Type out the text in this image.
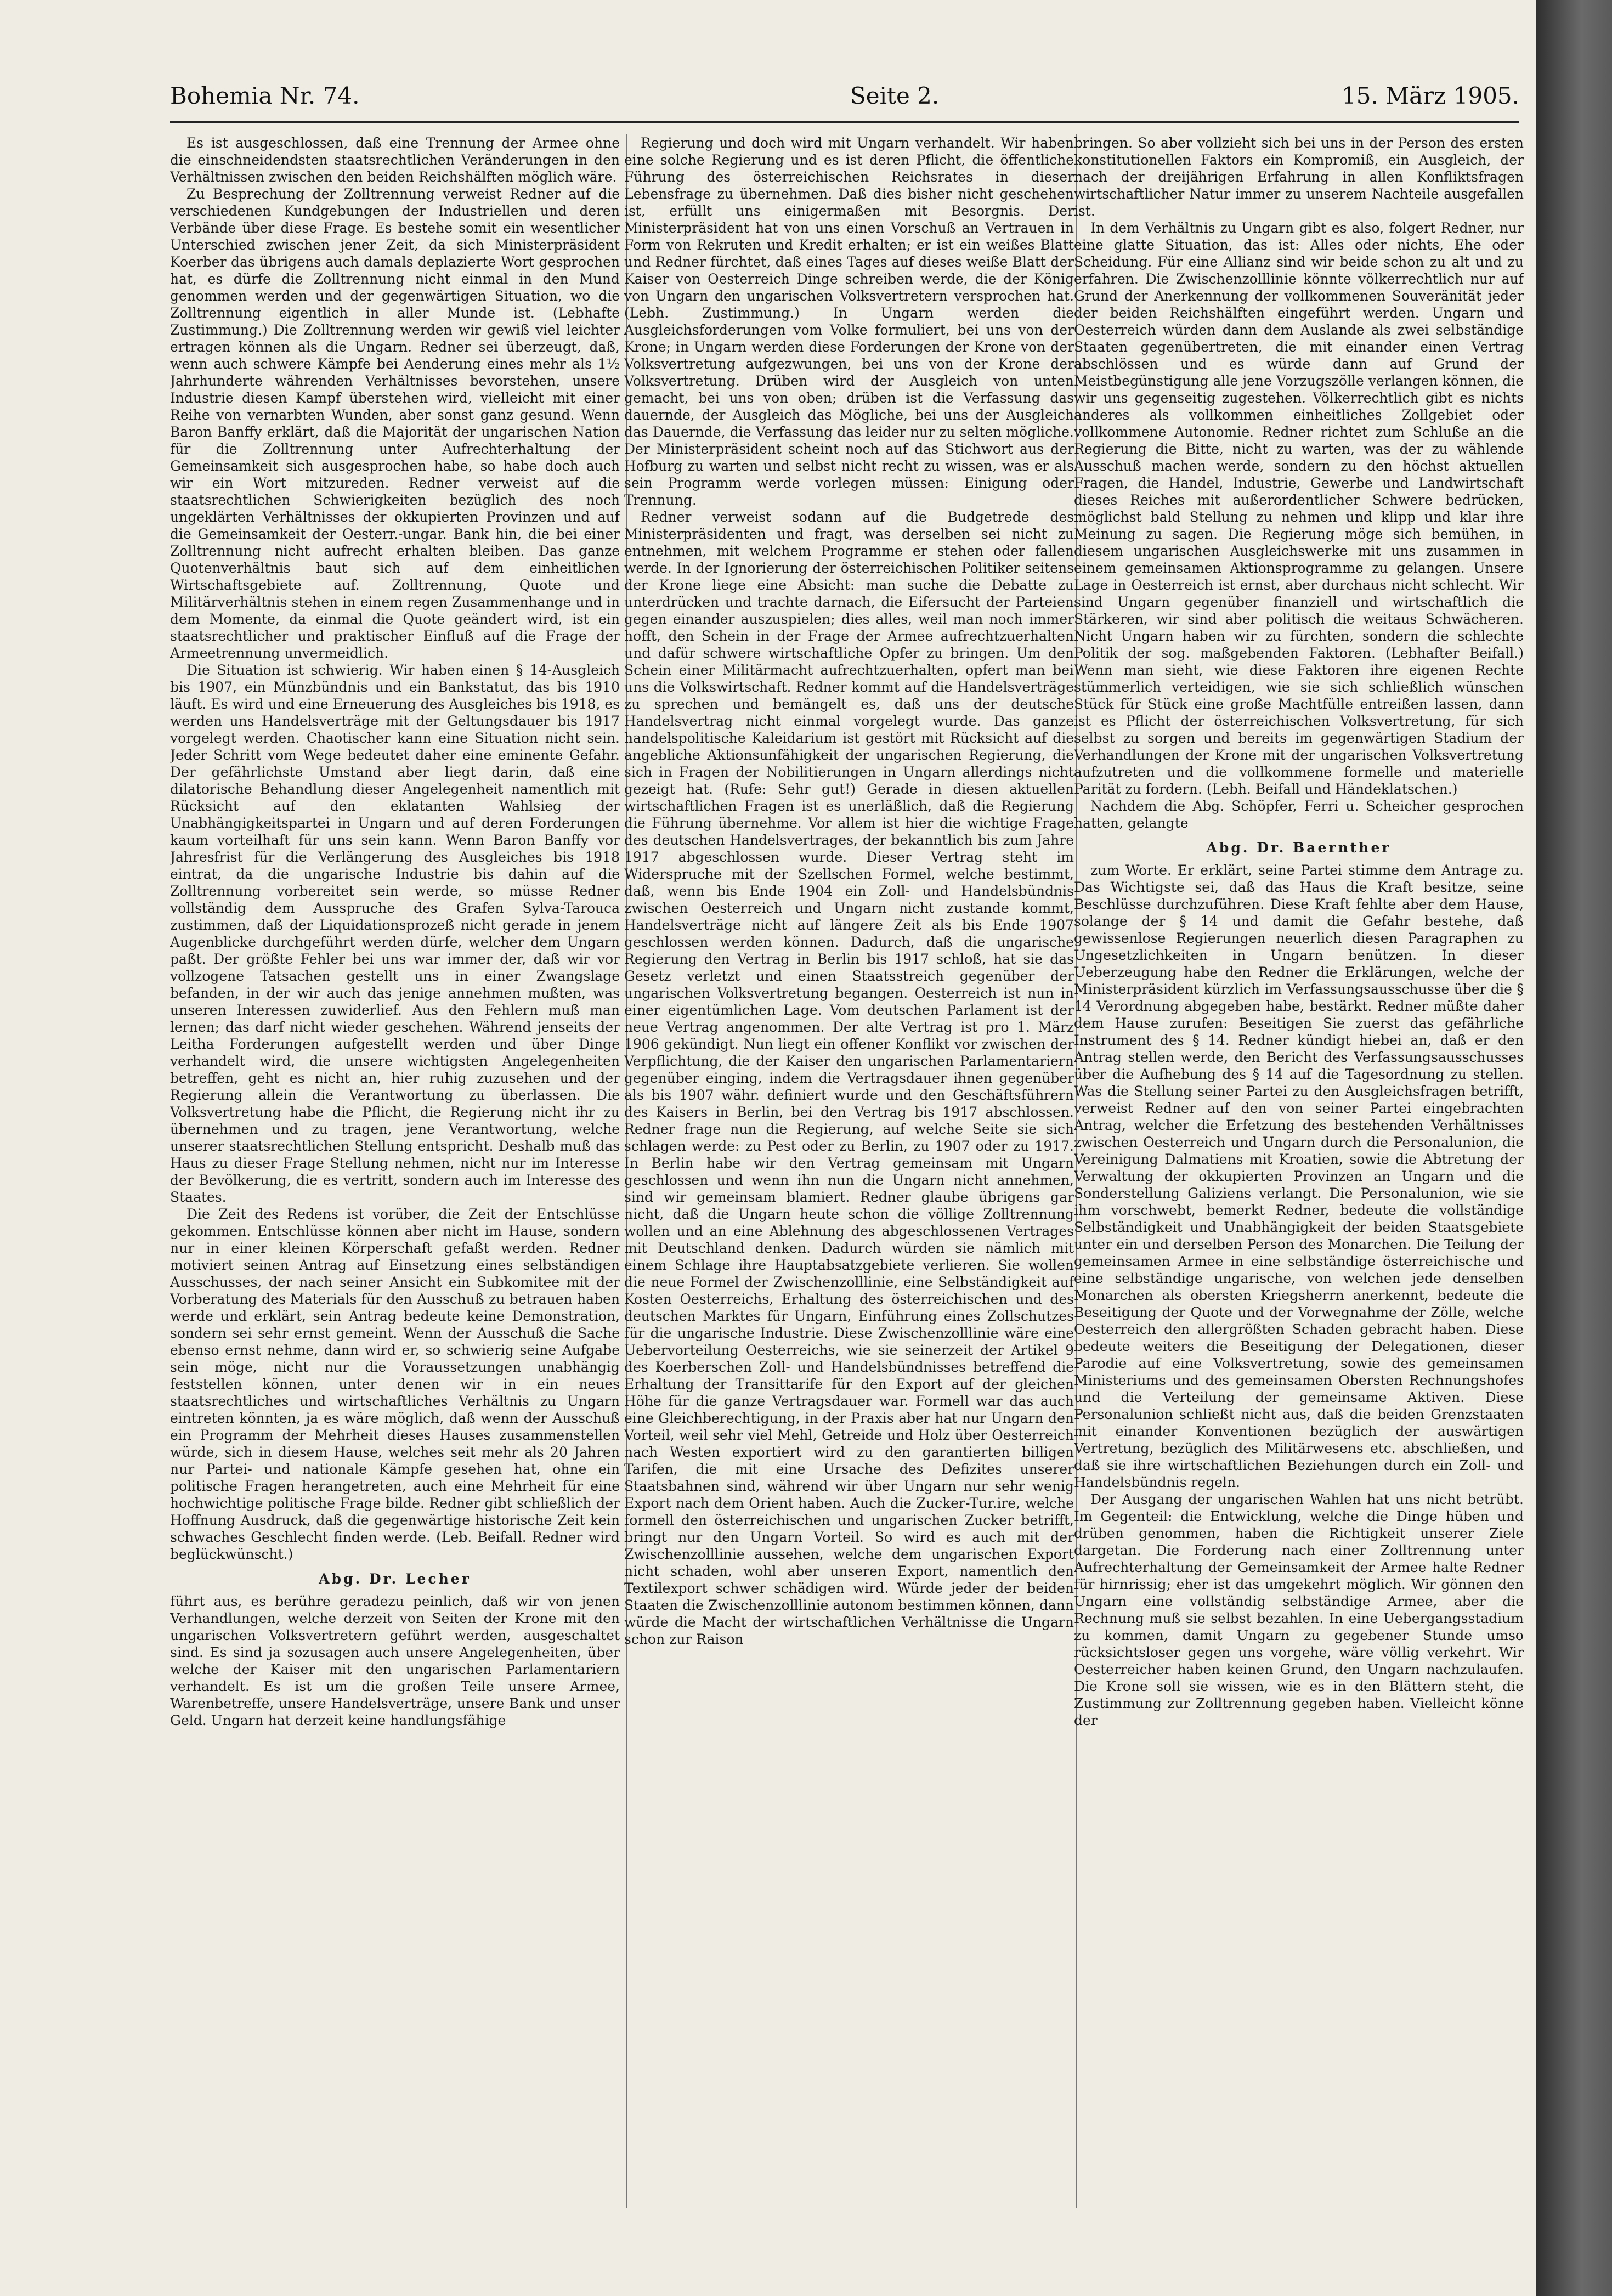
Bohemia Nr. 74.	Seite 2.	15. März 1905.

Es ist ausgeschlossen, daß eine Trennung der Armee ohne die einschneidendsten staatsrechtlichen Veränderungen in den Verhältnissen zwischen den beiden Reichshälften möglich wäre.

Zu Besprechung der Zolltrennung verweist Redner auf die verschiedenen Kundgebungen der Industriellen und deren Verbände über diese Frage. Es bestehe somit ein wesentlicher Unterschied zwischen jener Zeit, da sich Ministerpräsident Koerber das übrigens auch damals deplazierte Wort gesprochen hat, es dürfe die Zolltrennung nicht einmal in den Mund genommen werden und der gegenwärtigen Situation, wo die Zolltrennung eigentlich in aller Munde ist. (Lebhafte Zustimmung.) Die Zolltrennung werden wir gewiß viel leichter ertragen können als die Ungarn. Redner sei überzeugt, daß, wenn auch schwere Kämpfe bei Aenderung eines mehr als 1½ Jahrhunderte währenden Verhältnisses bevorstehen, unsere Industrie diesen Kampf überstehen wird, vielleicht mit einer Reihe von vernarbten Wunden, aber sonst ganz gesund. Wenn Baron Banffy erklärt, daß die Majorität der ungarischen Nation für die Zolltrennung unter Aufrechterhaltung der Gemeinsamkeit sich ausgesprochen habe, so habe doch auch wir ein Wort mitzureden. Redner verweist auf die staatsrechtlichen Schwierigkeiten bezüglich des noch ungeklärten Verhältnisses der okkupierten Provinzen und auf die Gemeinsamkeit der Oesterr.-ungar. Bank hin, die bei einer Zolltrennung nicht aufrecht erhalten bleiben. Das ganze Quotenverhältnis baut sich auf dem einheitlichen Wirtschaftsgebiete auf. Zolltrennung, Quote und Militärverhältnis stehen in einem regen Zusammenhange und in dem Momente, da einmal die Quote geändert wird, ist ein staatsrechtlicher und praktischer Einfluß auf die Frage der Armeetrennung unvermeidlich.

Die Situation ist schwierig. Wir haben einen § 14-Ausgleich bis 1907, ein Münzbündnis und ein Bankstatut, das bis 1910 läuft. Es wird und eine Erneuerung des Ausgleiches bis 1918, es werden uns Handelsverträge mit der Geltungsdauer bis 1917 vorgelegt werden. Chaotischer kann eine Situation nicht sein. Jeder Schritt vom Wege bedeutet daher eine eminente Gefahr. Der gefährlichste Umstand aber liegt darin, daß eine dilatorische Behandlung dieser Angelegenheit namentlich mit Rücksicht auf den eklatanten Wahlsieg der Unabhängigkeitspartei in Ungarn und auf deren Forderungen kaum vorteilhaft für uns sein kann. Wenn Baron Banffy vor Jahresfrist für die Verlängerung des Ausgleiches bis 1918 eintrat, da die ungarische Industrie bis dahin auf die Zolltrennung vorbereitet sein werde, so müsse Redner vollständig dem Ausspruche des Grafen Sylva-Tarouca zustimmen, daß der Liquidationsprozeß nicht gerade in jenem Augenblicke durchgeführt werden dürfe, welcher dem Ungarn paßt. Der größte Fehler bei uns war immer der, daß wir vor vollzogene Tatsachen gestellt uns in einer Zwangslage befanden, in der wir auch das jenige annehmen mußten, was unseren Interessen zuwiderlief. Aus den Fehlern muß man lernen; das darf nicht wieder geschehen. Während jenseits der Leitha Forderungen aufgestellt werden und über Dinge verhandelt wird, die unsere wichtigsten Angelegenheiten betreffen, geht es nicht an, hier ruhig zuzusehen und der Regierung allein die Verantwortung zu überlassen. Die Volksvertretung habe die Pflicht, die Regierung nicht ihr zu übernehmen und zu tragen, jene Verantwortung, welche unserer staatsrechtlichen Stellung entspricht. Deshalb muß das Haus zu dieser Frage Stellung nehmen, nicht nur im Interesse der Bevölkerung, die es vertritt, sondern auch im Interesse des Staates.

Die Zeit des Redens ist vorüber, die Zeit der Entschlüsse gekommen. Entschlüsse können aber nicht im Hause, sondern nur in einer kleinen Körperschaft gefaßt werden. Redner motiviert seinen Antrag auf Einsetzung eines selbständigen Ausschusses, der nach seiner Ansicht ein Subkomitee mit der Vorberatung des Materials für den Ausschuß zu betrauen haben werde und erklärt, sein Antrag bedeute keine Demonstration, sondern sei sehr ernst gemeint. Wenn der Ausschuß die Sache ebenso ernst nehme, dann wird er, so schwierig seine Aufgabe sein möge, nicht nur die Voraussetzungen unabhängig feststellen können, unter denen wir in ein neues staatsrechtliches und wirtschaftliches Verhältnis zu Ungarn eintreten könnten, ja es wäre möglich, daß wenn der Ausschuß ein Programm der Mehrheit dieses Hauses zusammenstellen würde, sich in diesem Hause, welches seit mehr als 20 Jahren nur Partei- und nationale Kämpfe gesehen hat, ohne ein politische Fragen herangetreten, auch eine Mehrheit für eine hochwichtige politische Frage bilde. Redner gibt schließlich der Hoffnung Ausdruck, daß die gegenwärtige historische Zeit kein schwaches Geschlecht finden werde. (Leb. Beifall. Redner wird beglückwünscht.)

Abg. Dr. Lecher

führt aus, es berühre geradezu peinlich, daß wir von jenen Verhandlungen, welche derzeit von Seiten der Krone mit den ungarischen Volksvertretern geführt werden, ausgeschaltet sind. Es sind ja sozusagen auch unsere Angelegenheiten, über welche der Kaiser mit den ungarischen Parlamentariern verhandelt. Es ist um die großen Teile unsere Armee, Warenbetreffe, unsere Handelsverträge, unsere Bank und unser Geld. Ungarn hat derzeit keine handlungsfähige

Regierung und doch wird mit Ungarn verhandelt. Wir haben eine solche Regierung und es ist deren Pflicht, die öffentliche Führung des österreichischen Reichsrates in dieser Lebensfrage zu übernehmen. Daß dies bisher nicht geschehen ist, erfüllt uns einigermaßen mit Besorgnis. Der Ministerpräsident hat von uns einen Vorschuß an Vertrauen in Form von Rekruten und Kredit erhalten; er ist ein weißes Blatt und Redner fürchtet, daß eines Tages auf dieses weiße Blatt der Kaiser von Oesterreich Dinge schreiben werde, die der König von Ungarn den ungarischen Volksvertretern versprochen hat. (Lebh. Zustimmung.) In Ungarn werden die Ausgleichsforderungen vom Volke formuliert, bei uns von der Krone; in Ungarn werden diese Forderungen der Krone von der Volksvertretung aufgezwungen, bei uns von der Krone der Volksvertretung. Drüben wird der Ausgleich von unten gemacht, bei uns von oben; drüben ist die Verfassung das dauernde, der Ausgleich das Mögliche, bei uns der Ausgleich das Dauernde, die Verfassung das leider nur zu selten mögliche. Der Ministerpräsident scheint noch auf das Stichwort aus der Hofburg zu warten und selbst nicht recht zu wissen, was er als sein Programm werde vorlegen müssen: Einigung oder Trennung.

Redner verweist sodann auf die Budgetrede des Ministerpräsidenten und fragt, was derselben sei nicht zu entnehmen, mit welchem Programme er stehen oder fallen werde. In der Ignorierung der österreichischen Politiker seitens der Krone liege eine Absicht: man suche die Debatte zu unterdrücken und trachte darnach, die Eifersucht der Parteien gegen einander auszuspielen; dies alles, weil man noch immer hofft, den Schein in der Frage der Armee aufrechtzuerhalten und dafür schwere wirtschaftliche Opfer zu bringen. Um den Schein einer Militärmacht aufrechtzuerhalten, opfert man bei uns die Volkswirtschaft. Redner kommt auf die Handelsverträge zu sprechen und bemängelt es, daß uns der deutsche Handelsvertrag nicht einmal vorgelegt wurde. Das ganze handelspolitische Kaleidarium ist gestört mit Rücksicht auf die angebliche Aktionsunfähigkeit der ungarischen Regierung, die sich in Fragen der Nobilitierungen in Ungarn allerdings nicht gezeigt hat. (Rufe: Sehr gut!) Gerade in diesen aktuellen wirtschaftlichen Fragen ist es unerläßlich, daß die Regierung die Führung übernehme. Vor allem ist hier die wichtige Frage des deutschen Handelsvertrages, der bekanntlich bis zum Jahre 1917 abgeschlossen wurde. Dieser Vertrag steht im Widerspruche mit der Szellschen Formel, welche bestimmt, daß, wenn bis Ende 1904 ein Zoll- und Handelsbündnis zwischen Oesterreich und Ungarn nicht zustande kommt, Handelsverträge nicht auf längere Zeit als bis Ende 1907 geschlossen werden können. Dadurch, daß die ungarische Regierung den Vertrag in Berlin bis 1917 schloß, hat sie das Gesetz verletzt und einen Staatsstreich gegenüber der ungarischen Volksvertretung begangen. Oesterreich ist nun in einer eigentümlichen Lage. Vom deutschen Parlament ist der neue Vertrag angenommen. Der alte Vertrag ist pro 1. März 1906 gekündigt. Nun liegt ein offener Konflikt vor zwischen der Verpflichtung, die der Kaiser den ungarischen Parlamentariern gegenüber einging, indem die Vertragsdauer ihnen gegenüber als bis 1907 währ. definiert wurde und den Geschäftsführern des Kaisers in Berlin, bei den Vertrag bis 1917 abschlossen. Redner frage nun die Regierung, auf welche Seite sie sich schlagen werde: zu Pest oder zu Berlin, zu 1907 oder zu 1917. In Berlin habe wir den Vertrag gemeinsam mit Ungarn geschlossen und wenn ihn nun die Ungarn nicht annehmen, sind wir gemeinsam blamiert. Redner glaube übrigens gar nicht, daß die Ungarn heute schon die völlige Zolltrennung wollen und an eine Ablehnung des abgeschlossenen Vertrages mit Deutschland denken. Dadurch würden sie nämlich mit einem Schlage ihre Hauptabsatzgebiete verlieren. Sie wollen die neue Formel der Zwischenzolllinie, eine Selbständigkeit auf Kosten Oesterreichs, Erhaltung des österreichischen und des deutschen Marktes für Ungarn, Einführung eines Zollschutzes für die ungarische Industrie. Diese Zwischenzolllinie wäre eine Uebervorteilung Oesterreichs, wie sie seinerzeit der Artikel 9 des Koerberschen Zoll- und Handelsbündnisses betreffend die Erhaltung der Transittarife für den Export auf der gleichen Höhe für die ganze Vertragsdauer war. Formell war das auch eine Gleichberechtigung, in der Praxis aber hat nur Ungarn den Vorteil, weil sehr viel Mehl, Getreide und Holz über Oesterreich nach Westen exportiert wird zu den garantierten billigen Tarifen, die mit eine Ursache des Defizites unserer Staatsbahnen sind, während wir über Ungarn nur sehr wenig Export nach dem Orient haben. Auch die Zucker-Tur.ire, welche formell den österreichischen und ungarischen Zucker betrifft, bringt nur den Ungarn Vorteil. So wird es auch mit der Zwischenzolllinie aussehen, welche dem ungarischen Export nicht schaden, wohl aber unseren Export, namentlich den Textilexport schwer schädigen wird. Würde jeder der beiden Staaten die Zwischenzolllinie autonom bestimmen können, dann würde die Macht der wirtschaftlichen Verhältnisse die Ungarn schon zur Raison

bringen. So aber vollzieht sich bei uns in der Person des ersten konstitutionellen Faktors ein Kompromiß, ein Ausgleich, der nach der dreijährigen Erfahrung in allen Konfliktsfragen wirtschaftlicher Natur immer zu unserem Nachteile ausgefallen ist.

In dem Verhältnis zu Ungarn gibt es also, folgert Redner, nur eine glatte Situation, das ist: Alles oder nichts, Ehe oder Scheidung. Für eine Allianz sind wir beide schon zu alt und zu erfahren. Die Zwischenzolllinie könnte völkerrechtlich nur auf Grund der Anerkennung der vollkommenen Souveränität jeder der beiden Reichshälften eingeführt werden. Ungarn und Oesterreich würden dann dem Auslande als zwei selbständige Staaten gegenübertreten, die mit einander einen Vertrag abschlössen und es würde dann auf Grund der Meistbegünstigung alle jene Vorzugszölle verlangen können, die wir uns gegenseitig zugestehen. Völkerrechtlich gibt es nichts anderes als vollkommen einheitliches Zollgebiet oder vollkommene Autonomie. Redner richtet zum Schluße an die Regierung die Bitte, nicht zu warten, was der zu wählende Ausschuß machen werde, sondern zu den höchst aktuellen Fragen, die Handel, Industrie, Gewerbe und Landwirtschaft dieses Reiches mit außerordentlicher Schwere bedrücken, möglichst bald Stellung zu nehmen und klipp und klar ihre Meinung zu sagen. Die Regierung möge sich bemühen, in diesem ungarischen Ausgleichswerke mit uns zusammen in einem gemeinsamen Aktionsprogramme zu gelangen. Unsere Lage in Oesterreich ist ernst, aber durchaus nicht schlecht. Wir sind Ungarn gegenüber finanziell und wirtschaftlich die Stärkeren, wir sind aber politisch die weitaus Schwächeren. Nicht Ungarn haben wir zu fürchten, sondern die schlechte Politik der sog. maßgebenden Faktoren. (Lebhafter Beifall.) Wenn man sieht, wie diese Faktoren ihre eigenen Rechte stümmerlich verteidigen, wie sie sich schließlich wünschen Stück für Stück eine große Machtfülle entreißen lassen, dann ist es Pflicht der österreichischen Volksvertretung, für sich selbst zu sorgen und bereits im gegenwärtigen Stadium der Verhandlungen der Krone mit der ungarischen Volksvertretung aufzutreten und die vollkommene formelle und materielle Parität zu fordern. (Lebh. Beifall und Händeklatschen.)

Nachdem die Abg. Schöpfer, Ferri u. Scheicher gesprochen hatten, gelangte

Abg. Dr. Baernther

zum Worte. Er erklärt, seine Partei stimme dem Antrage zu. Das Wichtigste sei, daß das Haus die Kraft besitze, seine Beschlüsse durchzuführen. Diese Kraft fehlte aber dem Hause, solange der § 14 und damit die Gefahr bestehe, daß gewissenlose Regierungen neuerlich diesen Paragraphen zu Ungesetzlichkeiten in Ungarn benützen. In dieser Ueberzeugung habe den Redner die Erklärungen, welche der Ministerpräsident kürzlich im Verfassungsausschusse über die § 14 Verordnung abgegeben habe, bestärkt. Redner müßte daher dem Hause zurufen: Beseitigen Sie zuerst das gefährliche Instrument des § 14. Redner kündigt hiebei an, daß er den Antrag stellen werde, den Bericht des Verfassungsausschusses über die Aufhebung des § 14 auf die Tagesordnung zu stellen. Was die Stellung seiner Partei zu den Ausgleichsfragen betrifft, verweist Redner auf den von seiner Partei eingebrachten Antrag, welcher die Erfetzung des bestehenden Verhältnisses zwischen Oesterreich und Ungarn durch die Personalunion, die Vereinigung Dalmatiens mit Kroatien, sowie die Abtretung der Verwaltung der okkupierten Provinzen an Ungarn und die Sonderstellung Galiziens verlangt. Die Personalunion, wie sie ihm vorschwebt, bemerkt Redner, bedeute die vollständige Selbständigkeit und Unabhängigkeit der beiden Staatsgebiete unter ein und derselben Person des Monarchen. Die Teilung der gemeinsamen Armee in eine selbständige österreichische und eine selbständige ungarische, von welchen jede denselben Monarchen als obersten Kriegsherrn anerkennt, bedeute die Beseitigung der Quote und der Vorwegnahme der Zölle, welche Oesterreich den allergrößten Schaden gebracht haben. Diese bedeute weiters die Beseitigung der Delegationen, dieser Parodie auf eine Volksvertretung, sowie des gemeinsamen Ministeriums und des gemeinsamen Obersten Rechnungshofes und die Verteilung der gemeinsame Aktiven. Diese Personalunion schließt nicht aus, daß die beiden Grenzstaaten mit einander Konventionen bezüglich der auswärtigen Vertretung, bezüglich des Militärwesens etc. abschließen, und daß sie ihre wirtschaftlichen Beziehungen durch ein Zoll- und Handelsbündnis regeln.

Der Ausgang der ungarischen Wahlen hat uns nicht betrübt. Im Gegenteil: die Entwicklung, welche die Dinge hüben und drüben genommen, haben die Richtigkeit unserer Ziele dargetan. Die Forderung nach einer Zolltrennung unter Aufrechterhaltung der Gemeinsamkeit der Armee halte Redner für hirnrissig; eher ist das umgekehrt möglich. Wir gönnen den Ungarn eine vollständig selbständige Armee, aber die Rechnung muß sie selbst bezahlen. In eine Uebergangsstadium zu kommen, damit Ungarn zu gegebener Stunde umso rücksichtsloser gegen uns vorgehe, wäre völlig verkehrt. Wir Oesterreicher haben keinen Grund, den Ungarn nachzulaufen. Die Krone soll sie wissen, wie es in den Blättern steht, die Zustimmung zur Zolltrennung gegeben haben. Vielleicht könne der
